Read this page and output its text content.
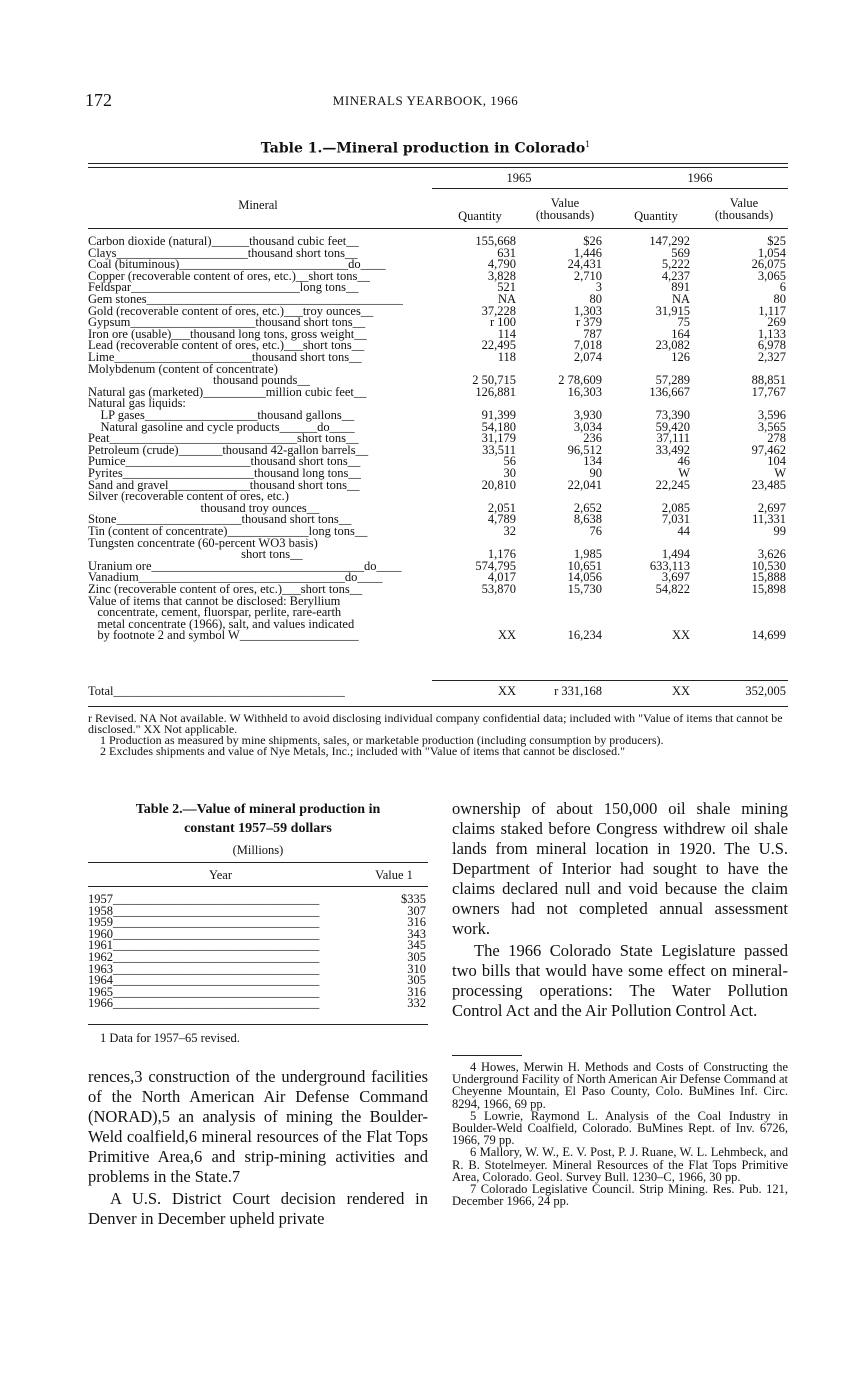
172	MINERALS YEARBOOK, 1966
Table 1.—Mineral production in Colorado$^1$
Mineral
1965	1966
Quantity
Value
(thousands)	Quantity
Value
(thousands)
Carbon dioxide (natural)______thousand cubic feet__	155,668	$26	147,292	$25
Clays_____________________thousand short tons__	631	1,446	569	1,054
Coal (bituminous)___________________________do____	4,790	24,431	5,222	26,075
Copper (recoverable content of ores, etc.)__short tons__	3,828	2,710	4,237	3,065
Feldspar___________________________long tons__	521	3	891	6
Gem stones_________________________________________	NA	80	NA	80
Gold (recoverable content of ores, etc.)___troy ounces__	37,228	1,303	31,915	1,117
Gypsum____________________thousand short tons__	r 100	r 379	75	269
Iron ore (usable)___thousand long tons, gross weight__	114	787	164	1,133
Lead (recoverable content of ores, etc.)___short tons__	22,495	7,018	23,082	6,978
Lime______________________thousand short tons__	118	2,074	126	2,327
Molybdenum (content of concentrate)
thousand pounds__	2 50,715	2 78,609	57,289	88,851
Natural gas (marketed)__________million cubic feet__	126,881	16,303	136,667	17,767
Natural gas liquids:
LP gases__________________thousand gallons__	91,399	3,930	73,390	3,596
Natural gasoline and cycle products______do____	54,180	3,034	59,420	3,565
Peat______________________________short tons__	31,179	236	37,111	278
Petroleum (crude)_______thousand 42-gallon barrels__	33,511	96,512	33,492	97,462
Pumice____________________thousand short tons__	56	134	46	104
Pyrites_____________________thousand long tons__	30	90	W	W
Sand and gravel_____________thousand short tons__	20,810	22,041	22,245	23,485
Silver (recoverable content of ores, etc.)
thousand troy ounces__	2,051	2,652	2,085	2,697
Stone____________________thousand short tons__	4,789	8,638	7,031	11,331
Tin (content of concentrate)_____________long tons__	32	76	44	99
Tungsten concentrate (60-percent WO3 basis)
short tons__	1,176	1,985	1,494	3,626
Uranium ore__________________________________do____	574,795	10,651	633,113	10,530
Vanadium_________________________________do____	4,017	14,056	3,697	15,888
Zinc (recoverable content of ores, etc.)___short tons__	53,870	15,730	54,822	15,898
Value of items that cannot be disclosed: Beryllium
concentrate, cement, fluorspar, perlite, rare-earth
metal concentrate (1966), salt, and values indicated
by footnote 2 and symbol W___________________	XX	16,234	XX	14,699
Total_____________________________________	XX	r 331,168	XX	352,005

r Revised. NA Not available. W Withheld to avoid disclosing individual company confidential data; included with "Value of items that cannot be disclosed." XX Not applicable.

1 Production as measured by mine shipments, sales, or marketable production (including consumption by producers).

2 Excludes shipments and value of Nye Metals, Inc.; included with "Value of items that cannot be disclosed."

Table 2.—Value of mineral production in
constant 1957–59 dollars
(Millions)
Year	Value 1
1957_________________________________	$335
1958_________________________________	307
1959_________________________________	316
1960_________________________________	343
1961_________________________________	345
1962_________________________________	305
1963_________________________________	310
1964_________________________________	305
1965_________________________________	316
1966_________________________________	332
1 Data for 1957–65 revised.

ownership of about 150,000 oil shale mining claims staked before Congress withdrew oil shale lands from mineral location in 1920. The U.S. Department of Interior had sought to have the claims declared null and void because the claim owners had not completed annual assessment work.

The 1966 Colorado State Legislature passed two bills that would have some effect on mineral-processing operations: The Water Pollution Control Act and the Air Pollution Control Act.

rences,3 construction of the underground facilities of the North American Air Defense Command (NORAD),5 an analysis of mining the Boulder-Weld coalfield,6 mineral resources of the Flat Tops Primitive Area,6 and strip-mining activities and problems in the State.7

A U.S. District Court decision rendered in Denver in December upheld private

4 Howes, Merwin H. Methods and Costs of Constructing the Underground Facility of North American Air Defense Command at Cheyenne Mountain, El Paso County, Colo. BuMines Inf. Circ. 8294, 1966, 69 pp.

5 Lowrie, Raymond L. Analysis of the Coal Industry in Boulder-Weld Coalfield, Colorado. BuMines Rept. of Inv. 6726, 1966, 79 pp.

6 Mallory, W. W., E. V. Post, P. J. Ruane, W. L. Lehmbeck, and R. B. Stotelmeyer. Mineral Resources of the Flat Tops Primitive Area, Colorado. Geol. Survey Bull. 1230–C, 1966, 30 pp.

7 Colorado Legislative Council. Strip Mining. Res. Pub. 121, December 1966, 24 pp.
